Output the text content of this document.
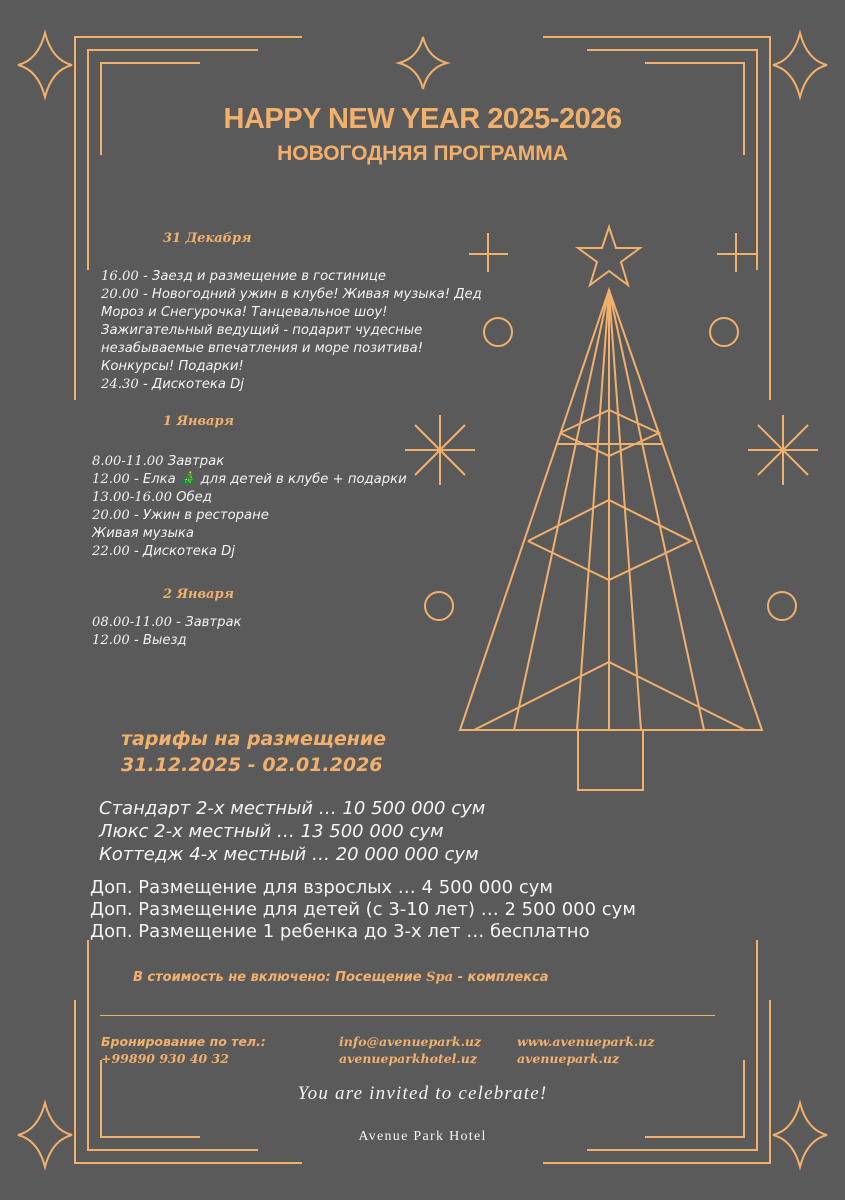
HAPPY NEW YEAR 2025-2026
НОВОГОДНЯЯ ПРОГРАММА
31 Декабря
16.00 - Заезд и размещение в гостинице
20.00 - Новогодний ужин в клубе! Живая музыка! Дед
Мороз и Снегурочка! Танцевальное шоу!
Зажигательный ведущий - подарит чудесные
незабываемые впечатления и море позитива!
Конкурсы! Подарки!
24.30 - Дискотека Dj
1 Января
8.00-11.00 Завтрак
12.00 - Елка 🎄 для детей в клубе + подарки
13.00-16.00 Обед
20.00 - Ужин в ресторане
Живая музыка
22.00 - Дискотека Dj
2 Января
08.00-11.00 - Завтрак
12.00 - Выезд
тарифы на размещение
31.12.2025 - 02.01.2026
Стандарт 2-х местный … 10 500 000 сум
Люкс 2-х местный … 13 500 000 сум
Коттедж 4-х местный … 20 000 000 сум
Доп. Размещение для взрослых … 4 500 000 сум
Доп. Размещение для детей (с 3-10 лет) … 2 500 000 сум
Доп. Размещение 1 ребенка до 3-х лет … бесплатно
В стоимость не включено: Посещение Spa - комплекса
Бронирование по тел.:
+99890 930 40 32
info@avenuepark.uz
avenueparkhotel.uz
www.avenuepark.uz
avenuepark.uz
You are invited to celebrate!
Avenue Park Hotel
